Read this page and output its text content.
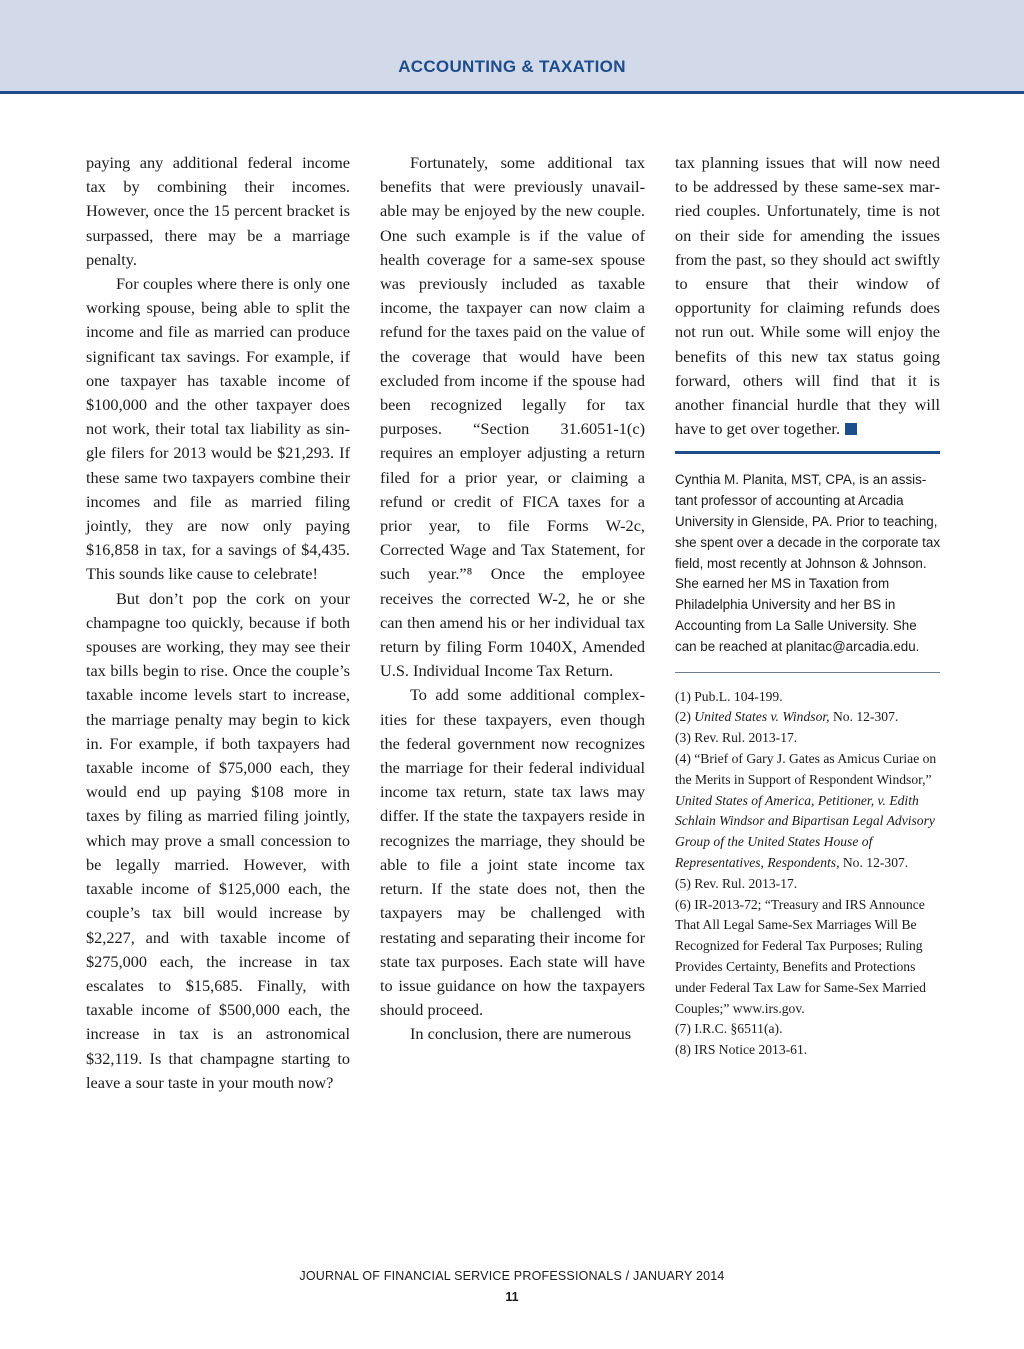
ACCOUNTING & TAXATION

paying any additional federal income tax by combining their incomes. However, once the 15 percent bracket is surpassed, there may be a marriage penalty.

For couples where there is only one working spouse, being able to split the income and file as married can produce significant tax savings. For example, if one taxpayer has taxable income of $100,000 and the other taxpayer does not work, their total tax liability as single filers for 2013 would be $21,293. If these same two taxpayers combine their incomes and file as married filing jointly, they are now only paying $16,858 in tax, for a savings of $4,435. This sounds like cause to celebrate!

But don’t pop the cork on your champagne too quickly, because if both spouses are working, they may see their tax bills begin to rise. Once the couple’s taxable income levels start to increase, the marriage penalty may begin to kick in. For example, if both taxpayers had taxable income of $75,000 each, they would end up paying $108 more in taxes by filing as married filing jointly, which may prove a small concession to be legally married. However, with taxable income of $125,000 each, the couple’s tax bill would increase by $2,227, and with taxable income of $275,000 each, the increase in tax escalates to $15,685. Finally, with taxable income of $500,000 each, the increase in tax is an astronomical $32,119. Is that champagne starting to leave a sour taste in your mouth now?

Fortunately, some additional tax benefits that were previously unavailable may be enjoyed by the new couple. One such example is if the value of health coverage for a same-sex spouse was previously included as taxable income, the taxpayer can now claim a refund for the taxes paid on the value of the coverage that would have been excluded from income if the spouse had been recognized legally for tax purposes. “Section 31.6051-1(c) requires an employer adjusting a return filed for a prior year, or claiming a refund or credit of FICA taxes for a prior year, to file Forms W-2c, Corrected Wage and Tax Statement, for such year.”⁸ Once the employee receives the corrected W-2, he or she can then amend his or her individual tax return by filing Form 1040X, Amended U.S. Individual Income Tax Return.

To add some additional complexities for these taxpayers, even though the federal government now recognizes the marriage for their federal individual income tax return, state tax laws may differ. If the state the taxpayers reside in recognizes the marriage, they should be able to file a joint state income tax return. If the state does not, then the taxpayers may be challenged with restating and separating their income for state tax purposes. Each state will have to issue guidance on how the taxpayers should proceed.

In conclusion, there are numerous

tax planning issues that will now need to be addressed by these same-sex married couples. Unfortunately, time is not on their side for amending the issues from the past, so they should act swiftly to ensure that their window of opportunity for claiming refunds does not run out. While some will enjoy the benefits of this new tax status going forward, others will find that it is another financial hurdle that they will have to get over together.

Cynthia M. Planita, MST, CPA, is an assistant professor of accounting at Arcadia University in Glenside, PA. Prior to teaching, she spent over a decade in the corporate tax field, most recently at Johnson & Johnson. She earned her MS in Taxation from Philadelphia University and her BS in Accounting from La Salle University. She can be reached at planitac@arcadia.edu.
(1) Pub.L. 104-199.
(2) United States v. Windsor, No. 12-307.
(3) Rev. Rul. 2013-17.
(4) “Brief of Gary J. Gates as Amicus Curiae on the Merits in Support of Respondent Windsor,” United States of America, Petitioner, v. Edith Schlain Windsor and Bipartisan Legal Advisory Group of the United States House of Representatives, Respondents, No. 12-307.
(5) Rev. Rul. 2013-17.
(6) IR-2013-72; “Treasury and IRS Announce That All Legal Same-Sex Marriages Will Be Recognized for Federal Tax Purposes; Ruling Provides Certainty, Benefits and Protections under Federal Tax Law for Same-Sex Married Couples;” www.irs.gov.
(7) I.R.C. §6511(a).
(8) IRS Notice 2013-61.
JOURNAL OF FINANCIAL SERVICE PROFESSIONALS / JANUARY 2014
11
